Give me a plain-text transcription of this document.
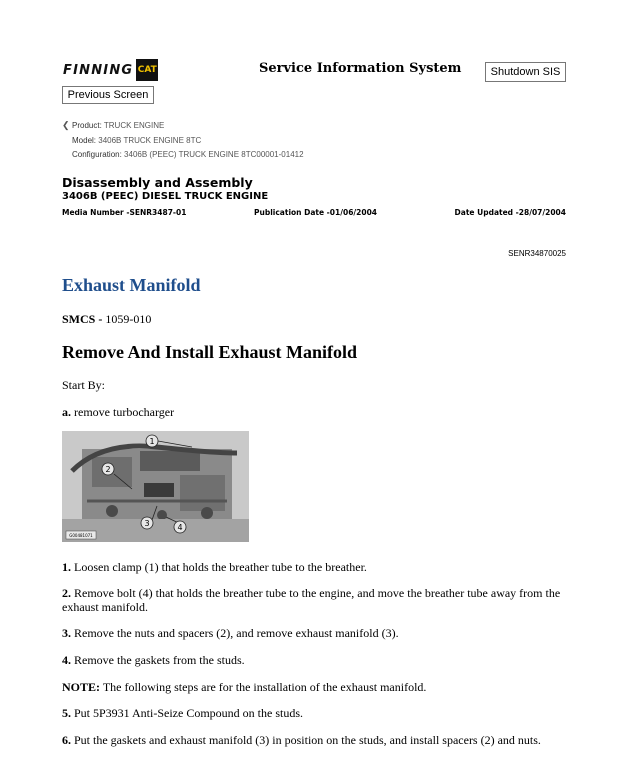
FINNING CAT	Service Information System	Shutdown SIS
Previous Screen
❮ Product: TRUCK ENGINE
Model: 3406B TRUCK ENGINE 8TC
Configuration: 3406B (PEEC) TRUCK ENGINE 8TC00001-01412
Disassembly and Assembly
3406B (PEEC) DIESEL TRUCK ENGINE
Media Number -SENR3487-01	Publication Date -01/06/2004	Date Updated -28/07/2004
SENR34870025
Exhaust Manifold
SMCS - 1059-010
Remove And Install Exhaust Manifold
Start By:
a. remove turbocharger
1
2
3	4
G00481071
1. Loosen clamp (1) that holds the breather tube to the breather.
2. Remove bolt (4) that holds the breather tube to the engine, and move the breather tube away from the exhaust manifold.
3. Remove the nuts and spacers (2), and remove exhaust manifold (3).
4. Remove the gaskets from the studs.
NOTE: The following steps are for the installation of the exhaust manifold.
5. Put 5P3931 Anti-Seize Compound on the studs.
6. Put the gaskets and exhaust manifold (3) in position on the studs, and install spacers (2) and nuts.
